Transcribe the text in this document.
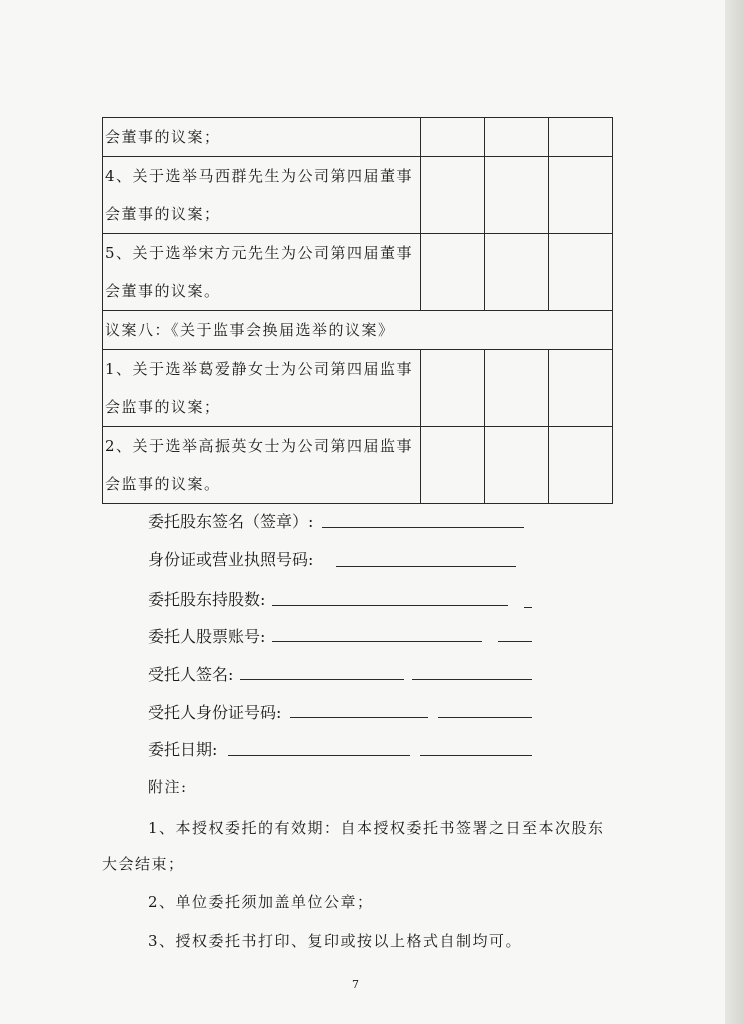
会董事的议案；			

4、关于选举马西群先生为公司第四届董事
会董事的议案；			

5、关于选举宋方元先生为公司第四届董事
会董事的议案。			

议案八：《关于监事会换届选举的议案》			

1、关于选举葛爱静女士为公司第四届监事
会监事的议案；			

2、关于选举高振英女士为公司第四届监事
会监事的议案。			

委托股东签名（签章）:
身份证或营业执照号码:
委托股东持股数:
委托人股票账号:
受托人签名:
受托人身份证号码:
委托日期:
附注:
1、本授权委托的有效期：自本授权委托书签署之日至本次股东
大会结束；
2、单位委托须加盖单位公章；
3、授权委托书打印、复印或按以上格式自制均可。
7
